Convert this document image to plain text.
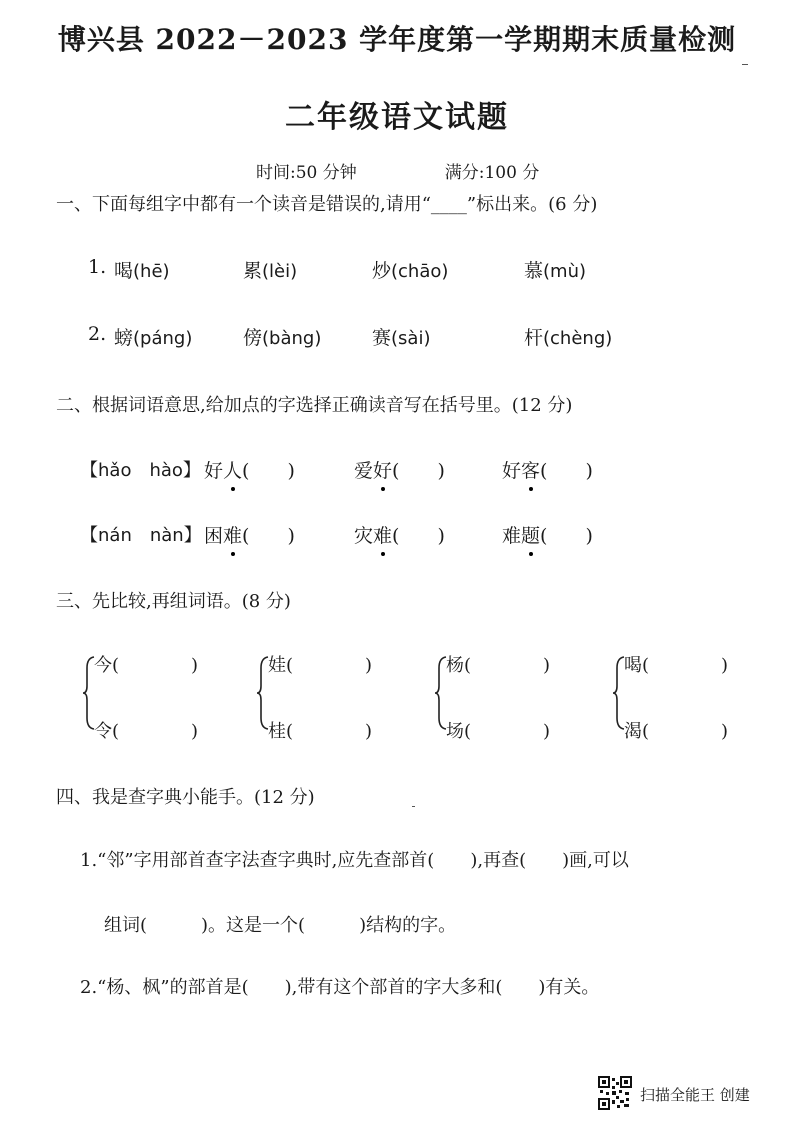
博兴县 2022－2023 学年度第一学期期末质量检测
二年级语文试题
时间:50 分钟	满分:100 分
一、下面每组字中都有一个读音是错误的,请用“____”标出来。(6 分)
1. 喝(hē)	累(lèi)	炒(chāo)	慕(mù)
2. 螃(páng)	傍(bàng)	赛(sài)	杆(chèng)
二、根据词语意思,给加点的字选择正确读音写在括号里。(12 分)
【hǎo　hào】 好人(　　)	爱好(　　)	好客(　　)
【nán　nàn】 困难(　　)	灾难(　　)	难题(　　)
三、先比较,再组词语。(8 分)
今(　　　　)
令(　　　　)
娃(　　　　)
桂(　　　　)
杨(　　　　)
场(　　　　)
喝(　　　　)
渴(　　　　)
四、我是查字典小能手。(12 分)
1.“邻”字用部首查字法查字典时,应先查部首(　　),再查(　　)画,可以
组词(　　　)。这是一个(　　　)结构的字。
2.“杨、枫”的部首是(　　),带有这个部首的字大多和(　　)有关。
扫描全能王 创建
